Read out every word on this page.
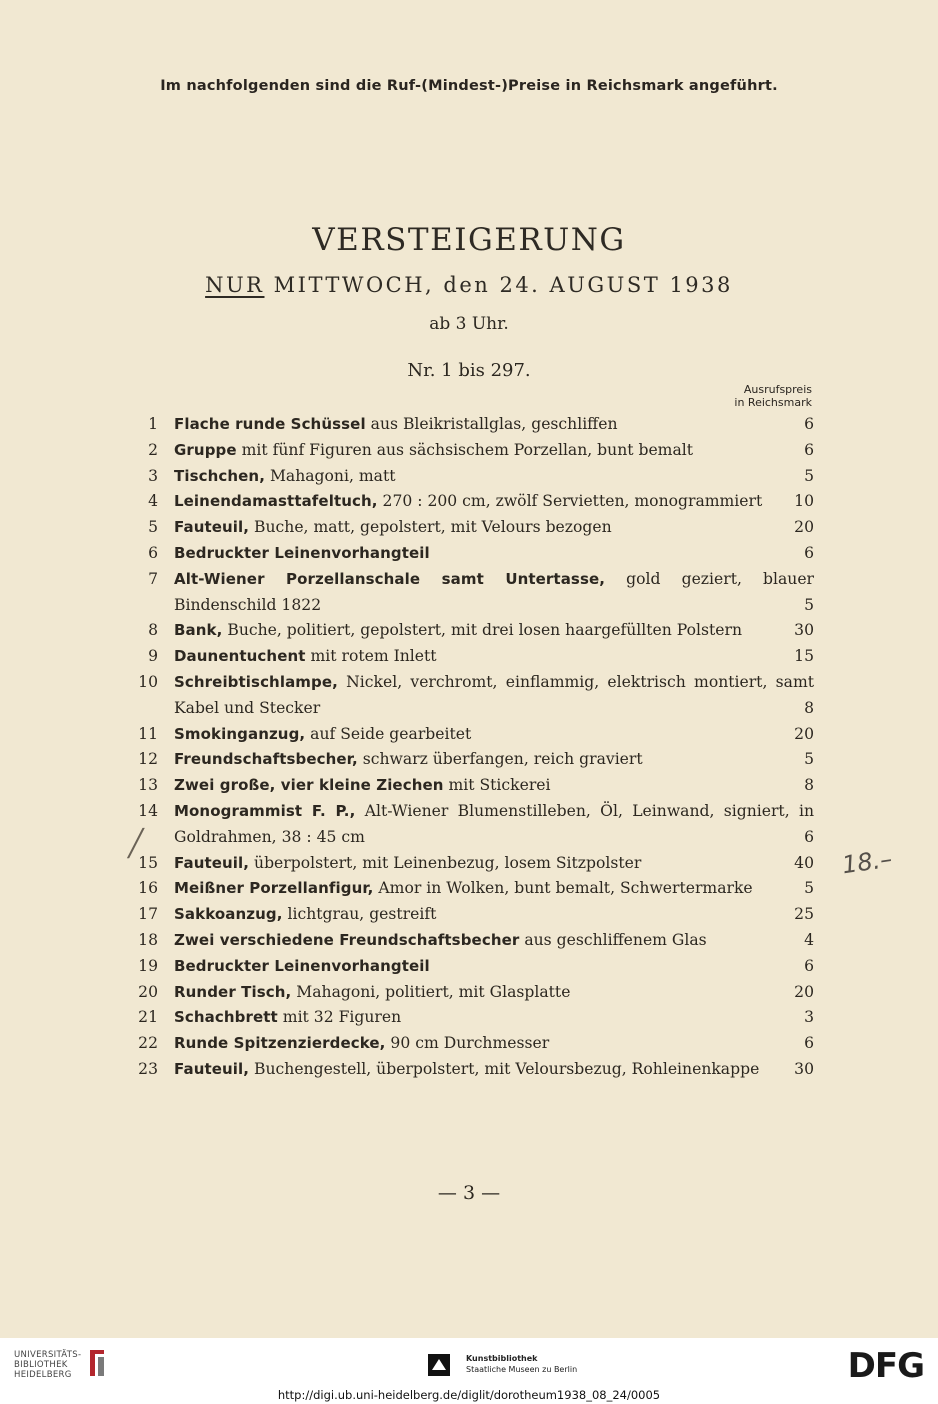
Im nachfolgenden sind die Ruf-(Mindest-)Preise in Reichsmark angeführt.
VERSTEIGERUNG
NUR MITTWOCH, den 24. AUGUST 1938
ab 3 Uhr.
Nr. 1 bis 297.
Ausrufspreis
in Reichsmark
1 Flache runde Schüssel aus Bleikristallglas, geschliffen	6
2 Gruppe mit fünf Figuren aus sächsischem Porzellan, bunt bemalt	6
3 Tischchen, Mahagoni, matt	5
4 Leinendamasttafeltuch, 270 : 200 cm, zwölf Servietten, monogrammiert	10
5 Fauteuil, Buche, matt, gepolstert, mit Velours bezogen	20
6 Bedruckter Leinenvorhangteil	6
7 Alt-Wiener Porzellanschale samt Untertasse, gold geziert, blauer Bindenschild 1822	5
8 Bank, Buche, politiert, gepolstert, mit drei losen haargefüllten Polstern	30
9 Daunentuchent mit rotem Inlett	15
10 Schreibtischlampe, Nickel, verchromt, einflammig, elektrisch montiert, samt Kabel und Stecker	8
11 Smokinganzug, auf Seide gearbeitet	20
12 Freundschaftsbecher, schwarz überfangen, reich graviert	5
13 Zwei große, vier kleine Ziechen mit Stickerei	8
14 Monogrammist F. P., Alt-Wiener Blumenstilleben, Öl, Leinwand, signiert, in Goldrahmen, 38 : 45 cm	6
15 Fauteuil, überpolstert, mit Leinenbezug, losem Sitzpolster	40
16 Meißner Porzellanfigur, Amor in Wolken, bunt bemalt, Schwertermarke	5
17 Sakkoanzug, lichtgrau, gestreift	25
18 Zwei verschiedene Freundschaftsbecher aus geschliffenem Glas	4
19 Bedruckter Leinenvorhangteil	6
20 Runder Tisch, Mahagoni, politiert, mit Glasplatte	20
21 Schachbrett mit 32 Figuren	3
22 Runde Spitzenzierdecke, 90 cm Durchmesser	6
23 Fauteuil, Buchengestell, überpolstert, mit Veloursbezug, Rohleinenkappe	30
╱
18.–
— 3 —
UNIVERSITÄTS-
BIBLIOTHEK
HEIDELBERG
Kunstbibliothek
Staatliche Museen zu Berlin	DFG
http://digi.ub.uni-heidelberg.de/diglit/dorotheum1938_08_24/0005
